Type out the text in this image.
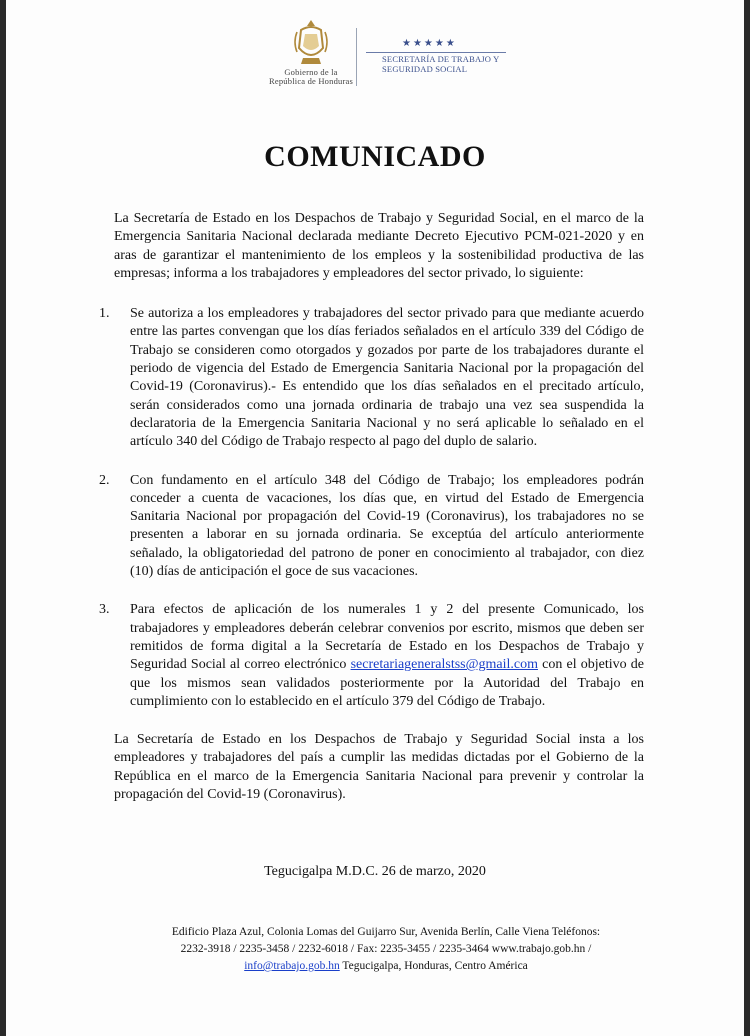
Gobierno de la
República de Honduras
★★★★★
SECRETARÍA DE TRABAJO Y
SEGURIDAD SOCIAL
COMUNICADO

La Secretaría de Estado en los Despachos de Trabajo y Seguridad Social, en el marco de la Emergencia Sanitaria Nacional declarada mediante Decreto Ejecutivo PCM-021-2020 y en aras de garantizar el mantenimiento de los empleos y la sostenibilidad productiva de las empresas; informa a los trabajadores y empleadores del sector privado, lo siguiente:

1. Se autoriza a los empleadores y trabajadores del sector privado para que mediante acuerdo entre las partes convengan que los días feriados señalados en el artículo 339 del Código de Trabajo se consideren como otorgados y gozados por parte de los trabajadores durante el periodo de vigencia del Estado de Emergencia Sanitaria Nacional por la propagación del Covid-19 (Coronavirus).- Es entendido que los días señalados en el precitado artículo, serán considerados como una jornada ordinaria de trabajo una vez sea suspendida la declaratoria de la Emergencia Sanitaria Nacional y no será aplicable lo señalado en el artículo 340 del Código de Trabajo respecto al pago del duplo de salario.
2. Con fundamento en el artículo 348 del Código de Trabajo; los empleadores podrán conceder a cuenta de vacaciones, los días que, en virtud del Estado de Emergencia Sanitaria Nacional por propagación del Covid-19 (Coronavirus), los trabajadores no se presenten a laborar en su jornada ordinaria. Se exceptúa del artículo anteriormente señalado, la obligatoriedad del patrono de poner en conocimiento al trabajador, con diez (10) días de anticipación el goce de sus vacaciones.
3. Para efectos de aplicación de los numerales 1 y 2 del presente Comunicado, los trabajadores y empleadores deberán celebrar convenios por escrito, mismos que deben ser remitidos de forma digital a la Secretaría de Estado en los Despachos de Trabajo y Seguridad Social al correo electrónico secretariageneralstss@gmail.com con el objetivo de que los mismos sean validados posteriormente por la Autoridad del Trabajo en cumplimiento con lo establecido en el artículo 379 del Código de Trabajo.

La Secretaría de Estado en los Despachos de Trabajo y Seguridad Social insta a los empleadores y trabajadores del país a cumplir las medidas dictadas por el Gobierno de la República en el marco de la Emergencia Sanitaria Nacional para prevenir y controlar la propagación del Covid-19 (Coronavirus).

Tegucigalpa M.D.C. 26 de marzo, 2020
Edificio Plaza Azul, Colonia Lomas del Guijarro Sur, Avenida Berlín, Calle Viena Teléfonos:
2232-3918 / 2235-3458 / 2232-6018 / Fax: 2235-3455 / 2235-3464 www.trabajo.gob.hn /
info@trabajo.gob.hn Tegucigalpa, Honduras, Centro América
